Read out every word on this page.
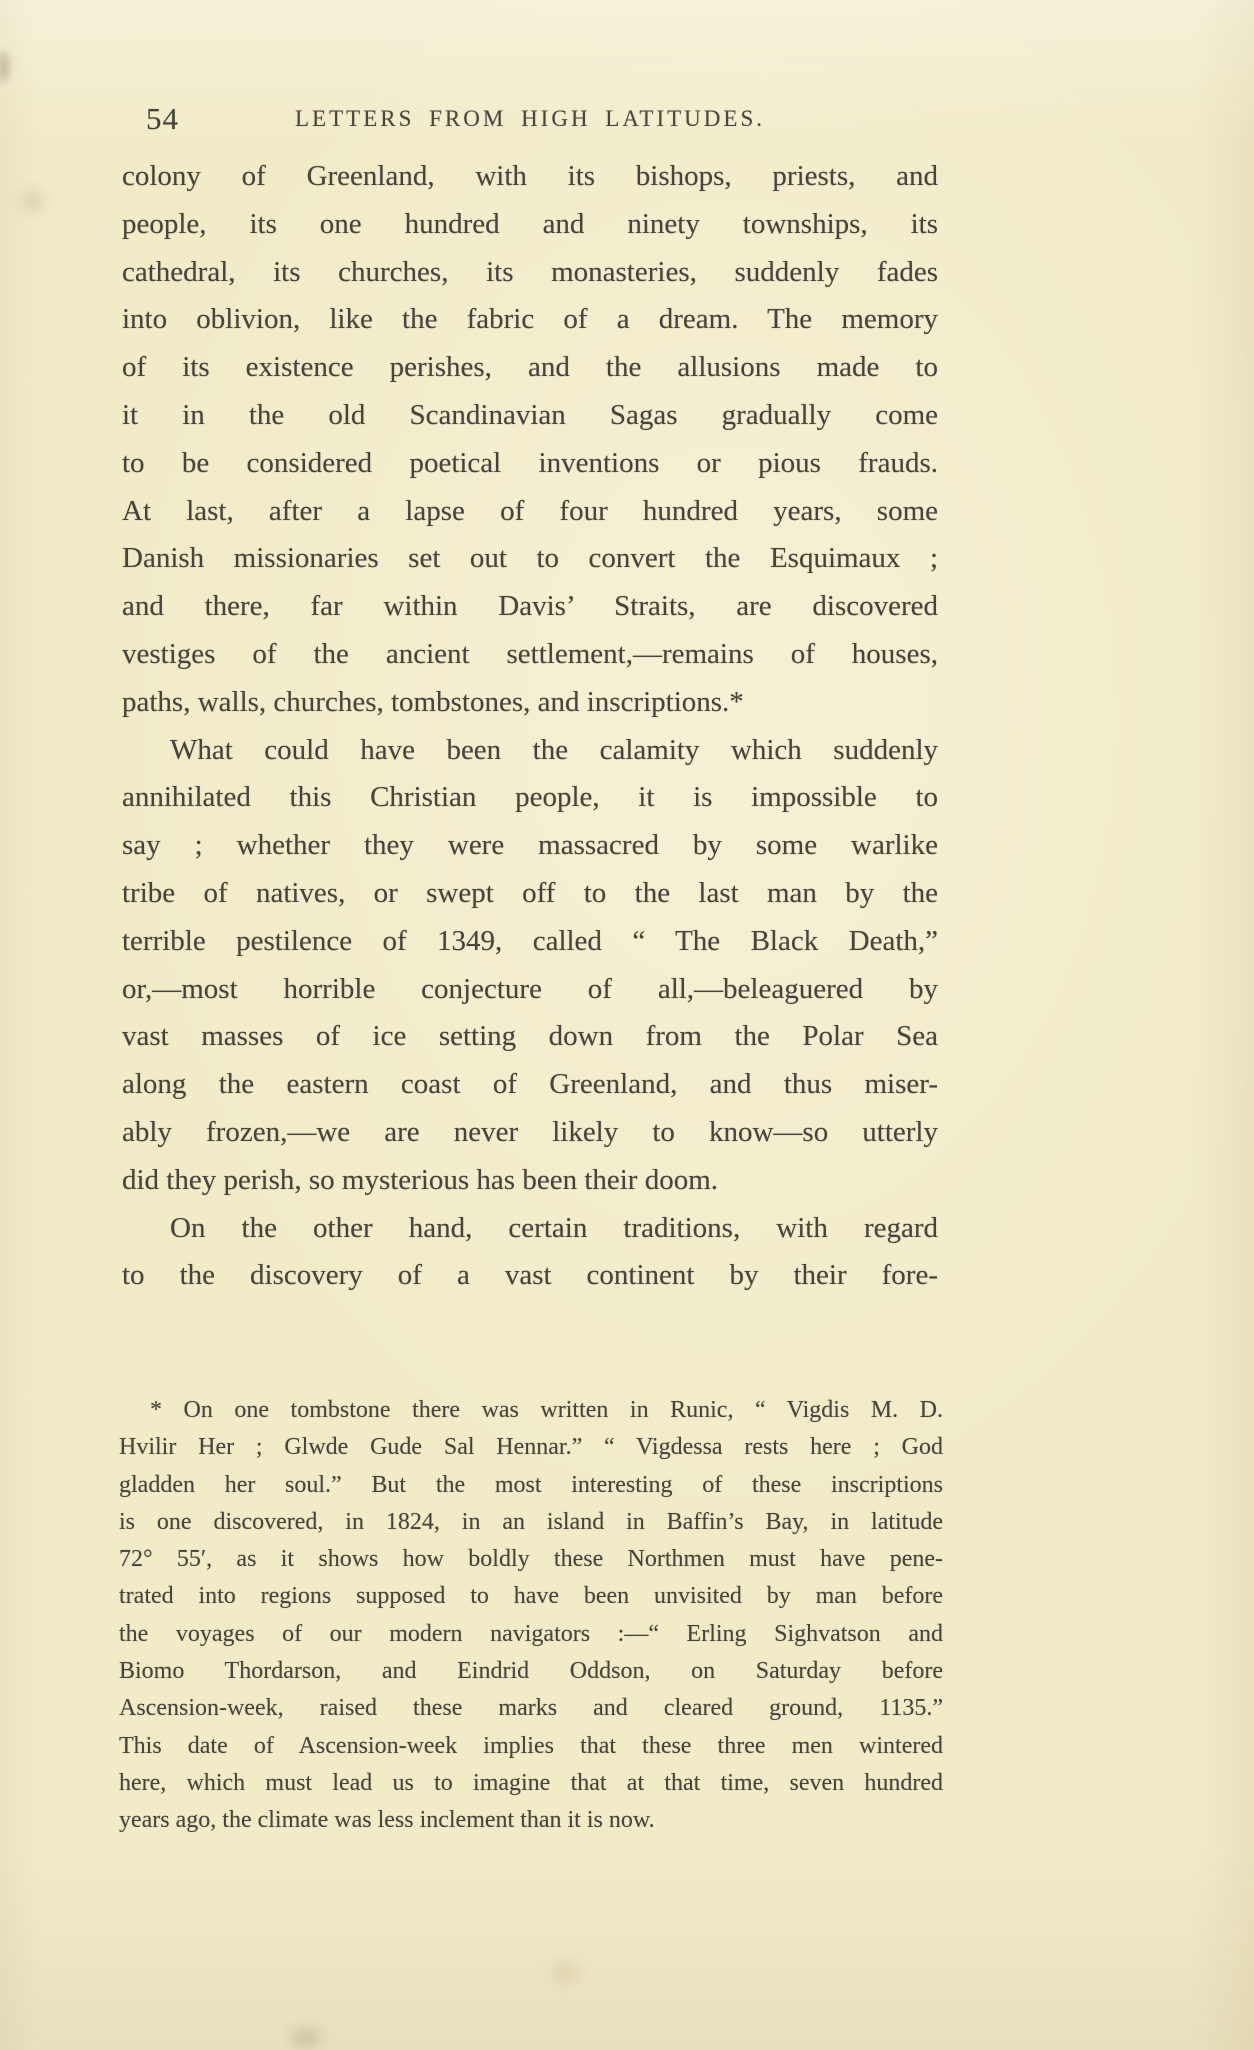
54	LETTERS FROM HIGH LATITUDES.
colony of Greenland, with its bishops, priests, and
people, its one hundred and ninety townships, its
cathedral, its churches, its monasteries, suddenly fades
into oblivion, like the fabric of a dream. The memory
of its existence perishes, and the allusions made to
it in the old Scandinavian Sagas gradually come
to be considered poetical inventions or pious frauds.
At last, after a lapse of four hundred years, some
Danish missionaries set out to convert the Esquimaux ;
and there, far within Davis’ Straits, are discovered
vestiges of the ancient settlement,—remains of houses,
paths, walls, churches, tombstones, and inscriptions.*
What could have been the calamity which suddenly
annihilated this Christian people, it is impossible to
say ; whether they were massacred by some warlike
tribe of natives, or swept off to the last man by the
terrible pestilence of 1349, called “ The Black Death,”
or,—most horrible conjecture of all,—beleaguered by
vast masses of ice setting down from the Polar Sea
along the eastern coast of Greenland, and thus miser-
ably frozen,—we are never likely to know—so utterly
did they perish, so mysterious has been their doom.
On the other hand, certain traditions, with regard
to the discovery of a vast continent by their fore-
* On one tombstone there was written in Runic, “ Vigdis M. D.
Hvilir Her ; Glwde Gude Sal Hennar.” “ Vigdessa rests here ; God
gladden her soul.” But the most interesting of these inscriptions
is one discovered, in 1824, in an island in Baffin’s Bay, in latitude
72° 55′, as it shows how boldly these Northmen must have pene-
trated into regions supposed to have been unvisited by man before
the voyages of our modern navigators :—“ Erling Sighvatson and
Biomo Thordarson, and Eindrid Oddson, on Saturday before
Ascension-week, raised these marks and cleared ground, 1135.”
This date of Ascension-week implies that these three men wintered
here, which must lead us to imagine that at that time, seven hundred
years ago, the climate was less inclement than it is now.
